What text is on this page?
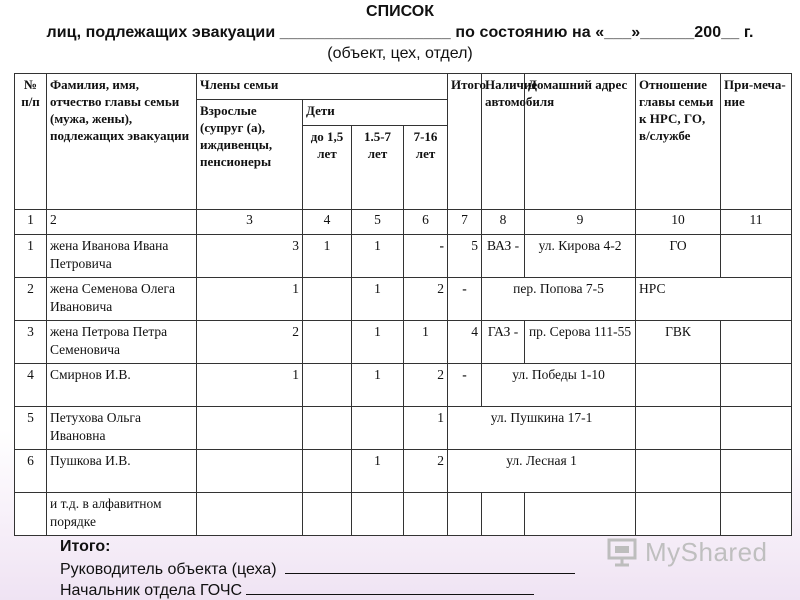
СПИСОК
лиц, подлежащих эвакуации ___________________ по состоянию на «___»______200__ г.
(объект, цех, отдел)
№ п/п	Фамилия, имя, отчество главы семьи (мужа, жены), подлежащих эвакуации	Члены семьи				Итого	Наличие автомобиля	Домашний адрес	Отношение главы семьи к НРС, ГО, в/службе	При-меча-ние
		Взрослые (супруг (а), иждивенцы, пенсионеры	Дети							
			до 1,5 лет	1.5-7 лет	7-16 лет					
1	2	3	4	5	6	7	8	9	10	11
1	жена Иванова Ивана Петровича	3	1	1	-	5	ВАЗ -	ул. Кирова 4-2	ГО	
2	жена Семенова Олега Ивановича	1		1	2	-	пер. Попова 7-5		НРС	
3	жена Петрова Петра Семеновича	2		1	1	4	ГАЗ -	пр. Серова 111-55	ГВК	
4	Смирнов И.В.	1		1	2	-	ул. Победы 1-10			
5	Петухова Ольга Ивановна				1	ул. Пушкина 17-1				
6	Пушкова И.В.			1	2	ул. Лесная 1				
	и т.д. в алфавитном порядке									
Итого:
Руководитель объекта (цеха)
Начальник отдела ГОЧС
MyShared
